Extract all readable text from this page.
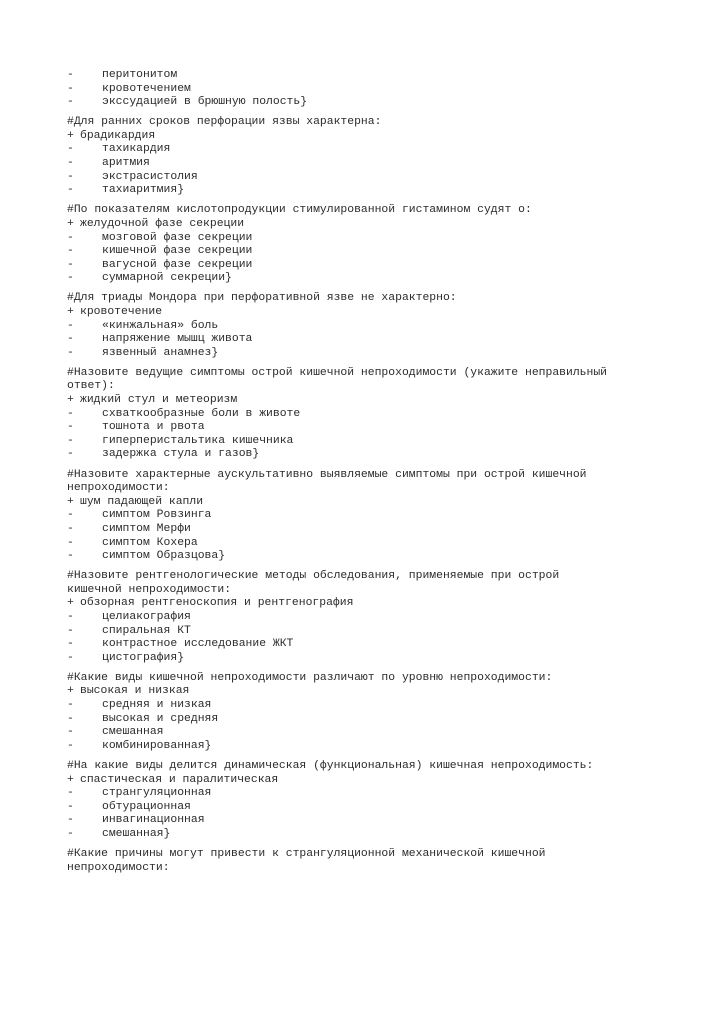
-	перитонитом
-	кровотечением
-	экссудацией в брюшную полость}
#Для ранних сроков перфорации язвы характерна:
+ брадикардия
-	тахикардия
-	аритмия
-	экстрасистолия
-	тахиаритмия}
#По показателям кислотопродукции стимулированной гистамином судят о:
+ желудочной фазе секреции
-	мозговой фазе секреции
-	кишечной фазе секреции
-	вагусной фазе секреции
-	суммарной секреции}
#Для триады Мондора при перфоративной язве не характерно:
+ кровотечение
-	«кинжальная» боль
-	напряжение мышц живота
-	язвенный анамнез}
#Назовите ведущие симптомы острой кишечной непроходимости (укажите неправильный
ответ):
+ жидкий стул и метеоризм
-	схваткообразные боли в животе
-	тошнота и рвота
-	гиперперистальтика кишечника
-	задержка стула и газов}
#Назовите характерные аускультативно выявляемые симптомы при острой кишечной
непроходимости:
+ шум падающей капли
-	симптом Ровзинга
-	симптом Мерфи
-	симптом Кохера
-	симптом Образцова}
#Назовите рентгенологические методы обследования, применяемые при острой
кишечной непроходимости:
+ обзорная рентгеноскопия и рентгенография
-	целиакография
-	спиральная КТ
-	контрастное исследование ЖКТ
-	цистография}
#Какие виды кишечной непроходимости различают по уровню непроходимости:
+ высокая и низкая
-	средняя и низкая
-	высокая и средняя
-	смешанная
-	комбинированная}
#На какие виды делится динамическая (функциональная) кишечная непроходимость:
+ спастическая и паралитическая
-	странгуляционная
-	обтурационная
-	инвагинационная
-	смешанная}
#Какие причины могут привести к странгуляционной механической кишечной
непроходимости:
